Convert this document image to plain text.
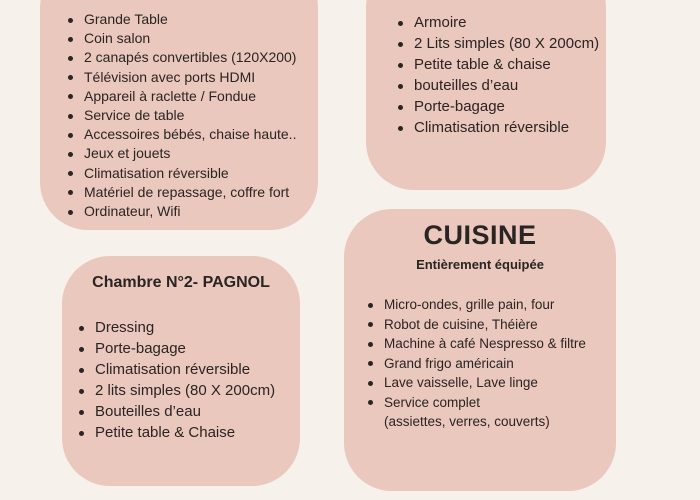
Grande Table
Coin salon
2 canapés convertibles (120X200)
Télévision avec ports HDMI
Appareil à raclette / Fondue
Service de table
Accessoires bébés, chaise haute..
Jeux et jouets
Climatisation réversible
Matériel de repassage, coffre fort
Ordinateur, Wifi
Armoire
2 Lits simples (80 X 200cm)
Petite table & chaise
bouteilles d’eau
Porte-bagage
Climatisation réversible
Chambre N°2- PAGNOL
Dressing
Porte-bagage
Climatisation réversible
2 lits simples (80 X 200cm)
Bouteilles d’eau
Petite table & Chaise
CUISINE
Entièrement équipée
Micro-ondes, grille pain, four
Robot de cuisine, Théière
Machine à café Nespresso & filtre
Grand frigo américain
Lave vaisselle, Lave linge
Service complet
(assiettes, verres, couverts)
